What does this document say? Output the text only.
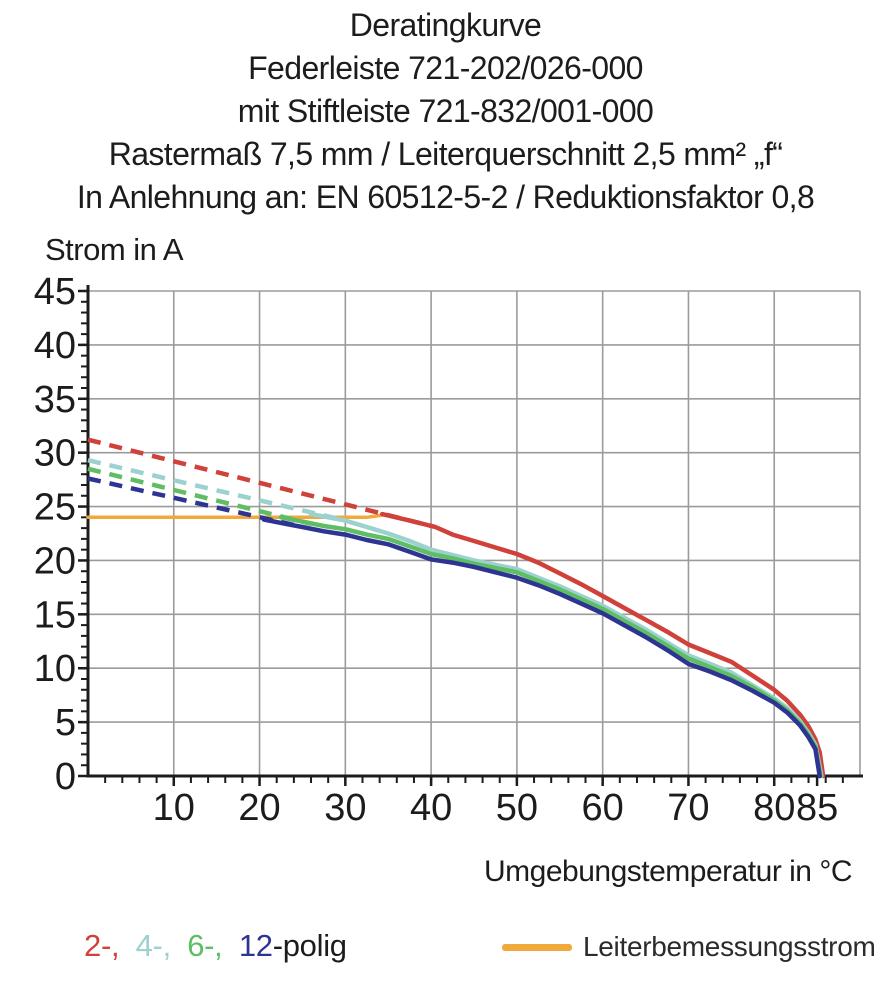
Deratingkurve
Federleiste 721-202/026-000
mit Stiftleiste 721-832/001-000
Rastermaß 7,5 mm / Leiterquerschnitt 2,5 mm² „f“
In Anlehnung an: EN 60512-5-2 / Reduktionsfaktor 0,8
0
5
10
15
20
25
30
35
40
45
10 20 30 40 50 60 70 80 85
Strom in A
Umgebungstemperatur in °C
2-, 4-, 6-, 12-polig	Leiterbemessungsstrom
